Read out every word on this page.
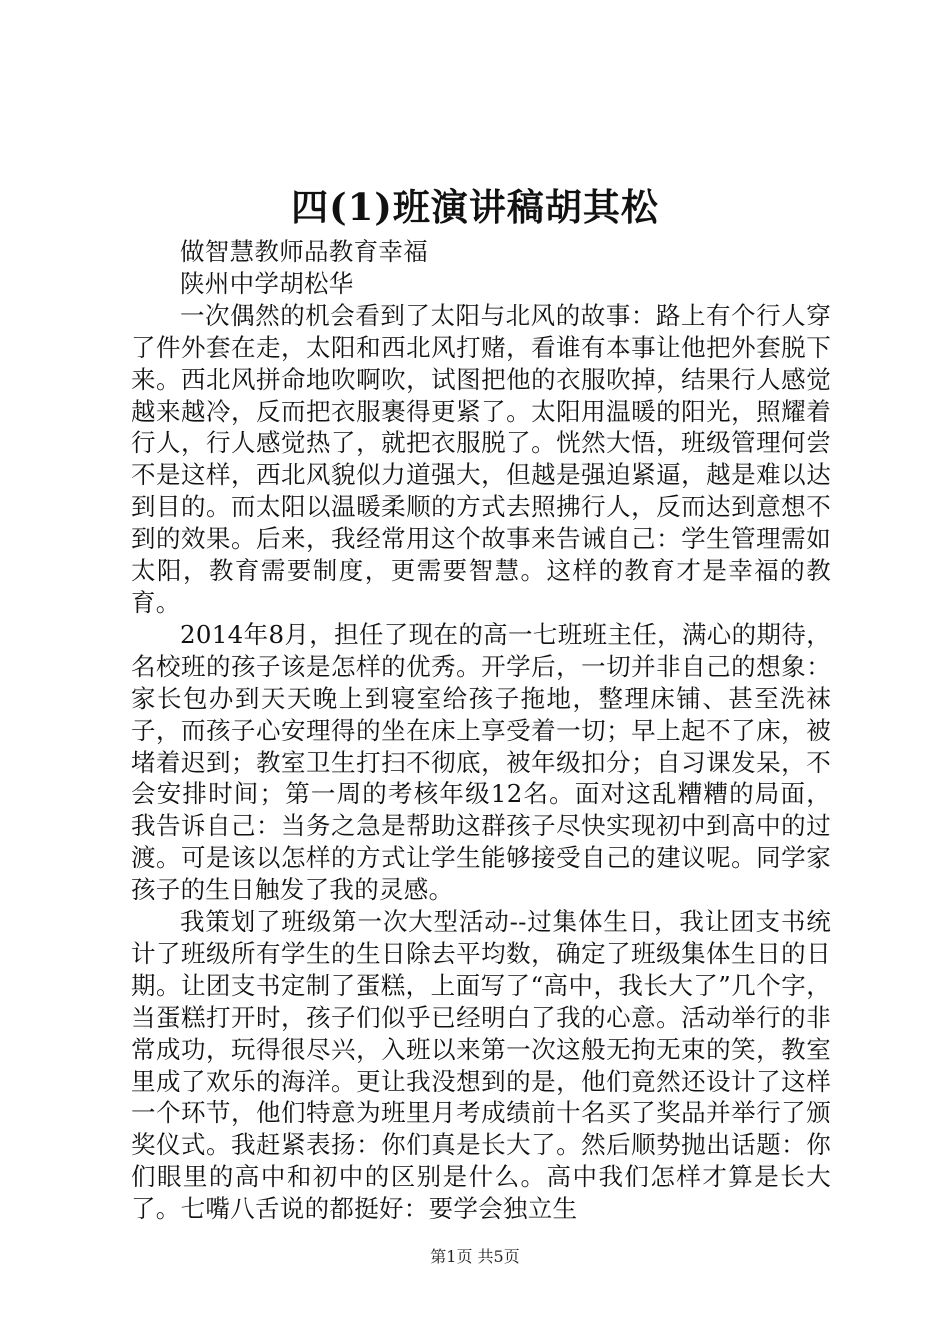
四(1)班演讲稿胡其松

做智慧教师品教育幸福

陕州中学胡松华

一次偶然的机会看到了太阳与北风的故事：路上有个行人穿了件外套在走，太阳和西北风打赌，看谁有本事让他把外套脱下来。西北风拼命地吹啊吹，试图把他的衣服吹掉，结果行人感觉越来越冷，反而把衣服裹得更紧了。太阳用温暖的阳光，照耀着行人，行人感觉热了，就把衣服脱了。恍然大悟，班级管理何尝不是这样，西北风貌似力道强大，但越是强迫紧逼，越是难以达到目的。而太阳以温暖柔顺的方式去照拂行人，反而达到意想不到的效果。后来，我经常用这个故事来告诫自己：学生管理需如太阳，教育需要制度，更需要智慧。这样的教育才是幸福的教育。

2014年8月，担任了现在的高一七班班主任，满心的期待，名校班的孩子该是怎样的优秀。开学后，一切并非自己的想象：家长包办到天天晚上到寝室给孩子拖地，整理床铺、甚至洗袜子，而孩子心安理得的坐在床上享受着一切；早上起不了床，被堵着迟到；教室卫生打扫不彻底，被年级扣分；自习课发呆，不会安排时间；第一周的考核年级12名。面对这乱糟糟的局面，我告诉自己：当务之急是帮助这群孩子尽快实现初中到高中的过渡。可是该以怎样的方式让学生能够接受自己的建议呢。同学家孩子的生日触发了我的灵感。

我策划了班级第一次大型活动--过集体生日，我让团支书统计了班级所有学生的生日除去平均数，确定了班级集体生日的日期。让团支书定制了蛋糕，上面写了“高中，我长大了”几个字，当蛋糕打开时，孩子们似乎已经明白了我的心意。活动举行的非常成功，玩得很尽兴，入班以来第一次这般无拘无束的笑，教室里成了欢乐的海洋。更让我没想到的是，他们竟然还设计了这样一个环节，他们特意为班里月考成绩前十名买了奖品并举行了颁奖仪式。我赶紧表扬：你们真是长大了。然后顺势抛出话题：你们眼里的高中和初中的区别是什么。高中我们怎样才算是长大了。七嘴八舌说的都挺好：要学会独立生

第1页 共5页
